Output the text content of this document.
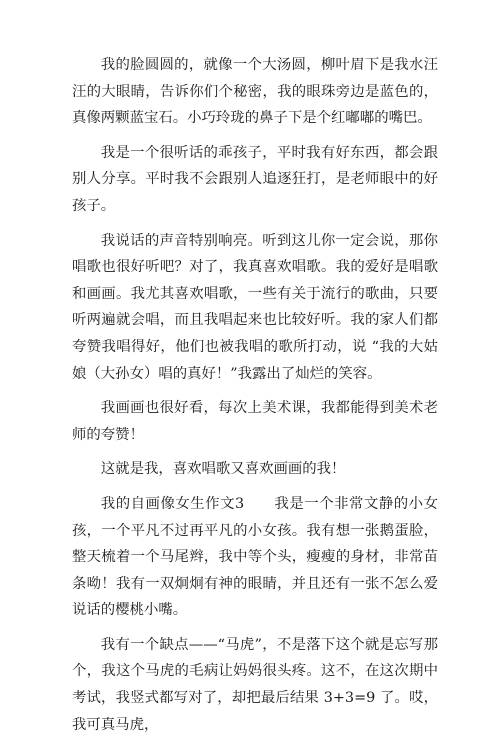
我的脸圆圆的，就像一个大汤圆，柳叶眉下是我水汪汪的大眼睛，告诉你们个秘密，我的眼珠旁边是蓝色的，真像两颗蓝宝石。小巧玲珑的鼻子下是个红嘟嘟的嘴巴。

我是一个很听话的乖孩子，平时我有好东西，都会跟别人分享。平时我不会跟别人追逐狂打，是老师眼中的好孩子。

我说话的声音特别响亮。听到这儿你一定会说，那你唱歌也很好听吧？对了，我真喜欢唱歌。我的爱好是唱歌和画画。我尤其喜欢唱歌，一些有关于流行的歌曲，只要听两遍就会唱，而且我唱起来也比较好听。我的家人们都夸赞我唱得好，他们也被我唱的歌所打动，说 “我的大姑娘（大孙女）唱的真好！”我露出了灿烂的笑容。

我画画也很好看，每次上美术课，我都能得到美术老师的夸赞！

这就是我，喜欢唱歌又喜欢画画的我！

我的自画像女生作文3　　我是一个非常文静的小女孩，一个平凡不过再平凡的小女孩。我有想一张鹅蛋脸，整天梳着一个马尾辫，我中等个头，瘦瘦的身材，非常苗条呦！我有一双炯炯有神的眼睛，并且还有一张不怎么爱说话的樱桃小嘴。

我有一个缺点——“马虎”，不是落下这个就是忘写那个，我这个马虎的毛病让妈妈很头疼。这不，在这次期中考试，我竖式都写对了，却把最后结果 3+3=9 了。哎，我可真马虎，
